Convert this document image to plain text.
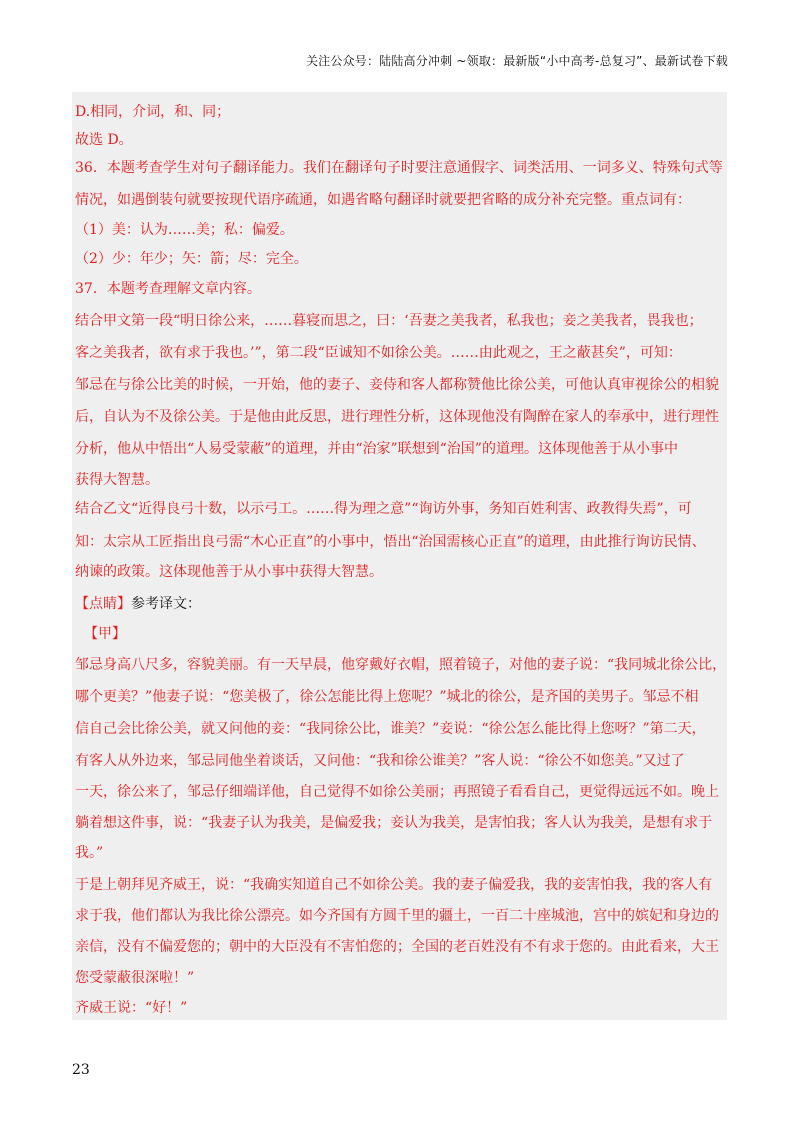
关注公众号：陆陆高分冲刺 ~领取：最新版“小中高考-总复习”、最新试卷下载
D.相同，介词，和、同；
故选 D。
36．本题考查学生对句子翻译能力。我们在翻译句子时要注意通假字、词类活用、一词多义、特殊句式等
情况，如遇倒装句就要按现代语序疏通，如遇省略句翻译时就要把省略的成分补充完整。重点词有：
（1）美：认为……美；私：偏爱。
（2）少：年少；矢：箭；尽：完全。
37．本题考查理解文章内容。
结合甲文第一段“明日徐公来，……暮寝而思之，曰：‘吾妻之美我者，私我也；妾之美我者，畏我也；
客之美我者，欲有求于我也。’”，第二段“臣诚知不如徐公美。……由此观之，王之蔽甚矣”，可知：
邹忌在与徐公比美的时候，一开始，他的妻子、妾侍和客人都称赞他比徐公美，可他认真审视徐公的相貌
后，自认为不及徐公美。于是他由此反思，进行理性分析，这体现他没有陶醉在家人的奉承中，进行理性
分析，他从中悟出“人易受蒙蔽”的道理，并由“治家”联想到“治国”的道理。这体现他善于从小事中
获得大智慧。
结合乙文“近得良弓十数，以示弓工。……得为理之意”“询访外事，务知百姓利害、政教得失焉”，可
知：太宗从工匠指出良弓需“木心正直”的小事中，悟出“治国需核心正直”的道理，由此推行询访民情、
纳谏的政策。这体现他善于从小事中获得大智慧。
【点睛】参考译文：
【甲】
邹忌身高八尺多，容貌美丽。有一天早晨，他穿戴好衣帽，照着镜子，对他的妻子说：“我同城北徐公比，
哪个更美？”他妻子说：“您美极了，徐公怎能比得上您呢？”城北的徐公，是齐国的美男子。邹忌不相
信自己会比徐公美，就又问他的妾：“我同徐公比，谁美？”妾说：“徐公怎么能比得上您呀？”第二天，
有客人从外边来，邹忌同他坐着谈话，又问他：“我和徐公谁美？”客人说：“徐公不如您美。”又过了
一天，徐公来了，邹忌仔细端详他，自己觉得不如徐公美丽；再照镜子看看自己，更觉得远远不如。晚上
躺着想这件事，说：“我妻子认为我美，是偏爱我；妾认为我美，是害怕我；客人认为我美，是想有求于
我。”
于是上朝拜见齐威王，说：“我确实知道自己不如徐公美。我的妻子偏爱我，我的妾害怕我，我的客人有
求于我，他们都认为我比徐公漂亮。如今齐国有方圆千里的疆土，一百二十座城池，宫中的嫔妃和身边的
亲信，没有不偏爱您的；朝中的大臣没有不害怕您的；全国的老百姓没有不有求于您的。由此看来，大王
您受蒙蔽很深啦！”
齐威王说：“好！”
23
